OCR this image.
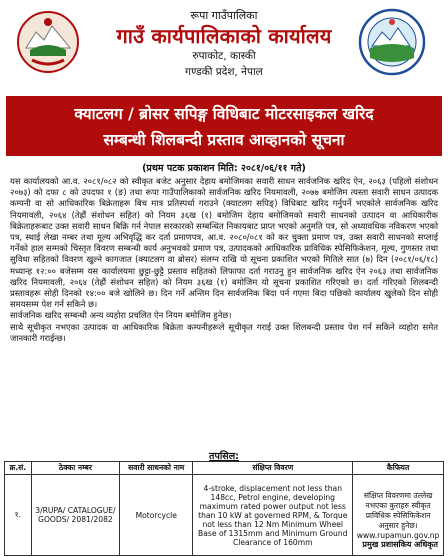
रूपा गाउँपालिका
गाउँ कार्यपालिकाको कार्यालय
रुपाकोट, कास्की
गण्डकी प्रदेश, नेपाल
क्याटलग / ब्रोसर सपिङ्ग विधिबाट मोटरसाइकल खरिद
सम्बन्धी शिलबन्दी प्रस्ताव आव्हानको सूचना
(प्रथम पटक प्रकाशन मिति: २०८१/०६/११ गते)

यस कार्यालयको आ.व. २०८१/०८२ को स्वीकृत बजेट अनुसार देहाय बमोजिमका सवारी साधन सार्वजनिक खरिद ऐन, २०६३ (पहिलो संशोधन २०७३) को दफा ८ को उपदफा १ (ङ) तथा रूपा गाउँपालिकाको सार्वजनिक खरिद नियमावली, २०७७ बमोजिम त्यस्ता सवारी साधन उत्पादक कम्पनी वा सो आधिकारिक बिक्रेताहरू बिच मात्र प्रतिस्पर्धा गराउने (क्याटलग सपिङ्) विधिबाट खरिद गर्नुपर्ने भएकोले सार्वजनिक खरिद नियमावली, २०६४ (तेह्रौं संशोधन सहित) को नियम ३६ख (१) बमोजिम देहाय बमोजिमको सवारी साधनको उत्पादन वा आधिकारीक बिक्रेताहरूबाट उक्त सवारी साधन बिक्रि गर्न नेपाल सरकारको सम्बन्धित निकायबाट प्राप्त भएको अनुमति पत्र, सो अध्यावधिक नविकरण भएको पत्र, स्थाई लेखा नम्बर तथा मूल्य अभिवृद्धि कर दर्ता प्रमाणपत्र, आ.व. २०८०/०८१ को कर चुक्ता प्रमाण पत्र, उक्त सवारी साधनको सप्लाई गर्नेको हाल सम्मको चिस्तृत विवरण सम्बन्धी कार्य अनुभवको प्रमाण पत्र, उत्पादकको आधिकारिक प्राविधिक स्पेसिफिकेशन, मूल्य, गुणस्तर तथा सुविधा सहितको विवरण खुल्ने कागजात (क्याटलग वा ब्रोसर) संलग्न राखि यो सूचना प्रकाशित भएको मितिले सात (७) दिन (२०८१/०६/१८) मध्यान्ह १२:०० बजेसम्म यस कार्यालयमा छुट्टा-छुट्टै प्रस्ताव सहितको लिफाफा दर्ता गराउनु हुन सार्वजनिक खरिद ऐन २०६३ तथा सार्वजनिक खरिद नियमावली, २०६४ (तेह्रौं संशोधन सहित) को नियम ३६ख (१) बमोजिम यो सूचना प्रकाशित गरिएको छ। दर्ता गरिएको शिलबन्दी प्रस्तावहरू सोही दिनको १४:०० बजे खोलिने छ। दिन गर्ने अन्तिम दिन सार्वजनिक बिदा पर्न गएमा बिदा पछिको कार्यालय खुलेको दिन सोही समयसम्म पेश गर्न सकिने छ।

सार्वजनिक खरिद सम्बन्धी अन्य व्यहोरा प्रचलित ऐन नियम बमोजिम हुनेछ।

साथै सूचीकृत नभएका उत्पादक वा आधिकारिक बिक्रेता कम्पनीहरूले सूचीकृत गराई उक्त शिलबन्दी प्रस्ताव पेश गर्न सकिने व्यहोरा समेत जानकारी गराईन्छ।

तपसिल:
क्र.सं.	ठेक्का नम्बर	सवारी साधनको नाम	संक्षिप्त विवरण	कैफियत
१.	3/RUPA/ CATALOGUE/ GOODS/ 2081/2082	Motorcycle	4-stroke, displacement not less than 148cc, Petrol engine, developing maximum rated power output not less than 10 kW at governed RPM, & Torque not less than 12 Nm Minimum Wheel Base of 1315mm and Minimum Ground Clearance of 160mm	संक्षिप्त विवरणमा उल्लेख नभएका कुराहरु स्वीकृत प्राविधिक स्पेसिफिकेशन अनुसार हुनेछ। www.rupamun.gov.np
प्रमुख प्रशासकिय अधिकृत
